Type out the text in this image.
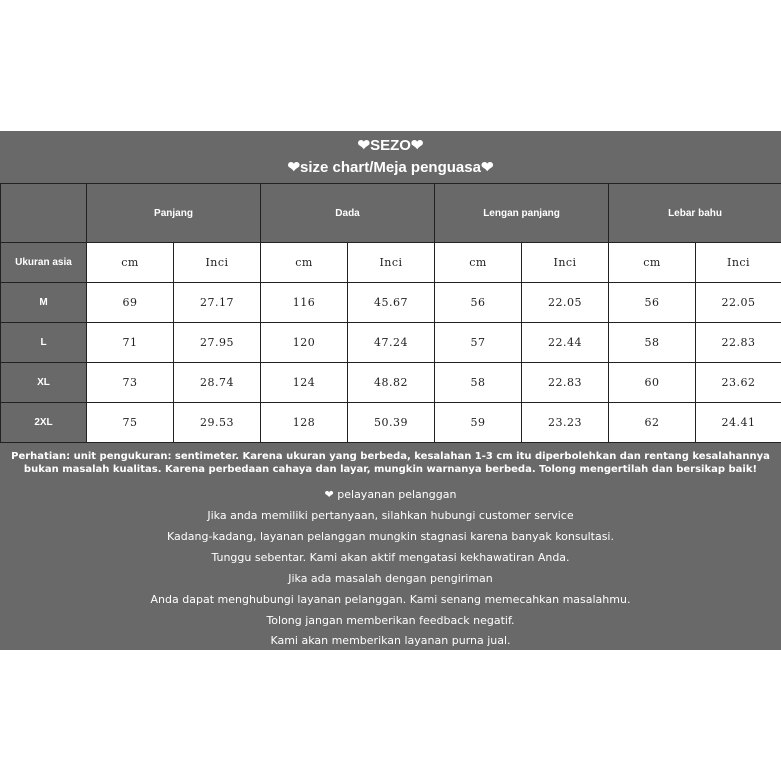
❤SEZO❤
❤size chart/Meja penguasa❤
	Panjang		Dada		Lengan panjang		Lebar bahu	
Ukuran asia	cm	Inci	cm	Inci	cm	Inci	cm	Inci
M	69	27.17	116	45.67	56	22.05	56	22.05
L	71	27.95	120	47.24	57	22.44	58	22.83
XL	73	28.74	124	48.82	58	22.83	60	23.62
2XL	75	29.53	128	50.39	59	23.23	62	24.41
Perhatian: unit pengukuran: sentimeter. Karena ukuran yang berbeda, kesalahan 1-3 cm itu diperbolehkan dan rentang kesalahannya bukan masalah kualitas. Karena perbedaan cahaya dan layar, mungkin warnanya berbeda. Tolong mengertilah dan bersikap baik!
❤ pelayanan pelanggan
Jika anda memiliki pertanyaan, silahkan hubungi customer service
Kadang-kadang, layanan pelanggan mungkin stagnasi karena banyak konsultasi.
Tunggu sebentar. Kami akan aktif mengatasi kekhawatiran Anda.
Jika ada masalah dengan pengiriman
Anda dapat menghubungi layanan pelanggan. Kami senang memecahkan masalahmu.
Tolong jangan memberikan feedback negatif.
Kami akan memberikan layanan purna jual.
